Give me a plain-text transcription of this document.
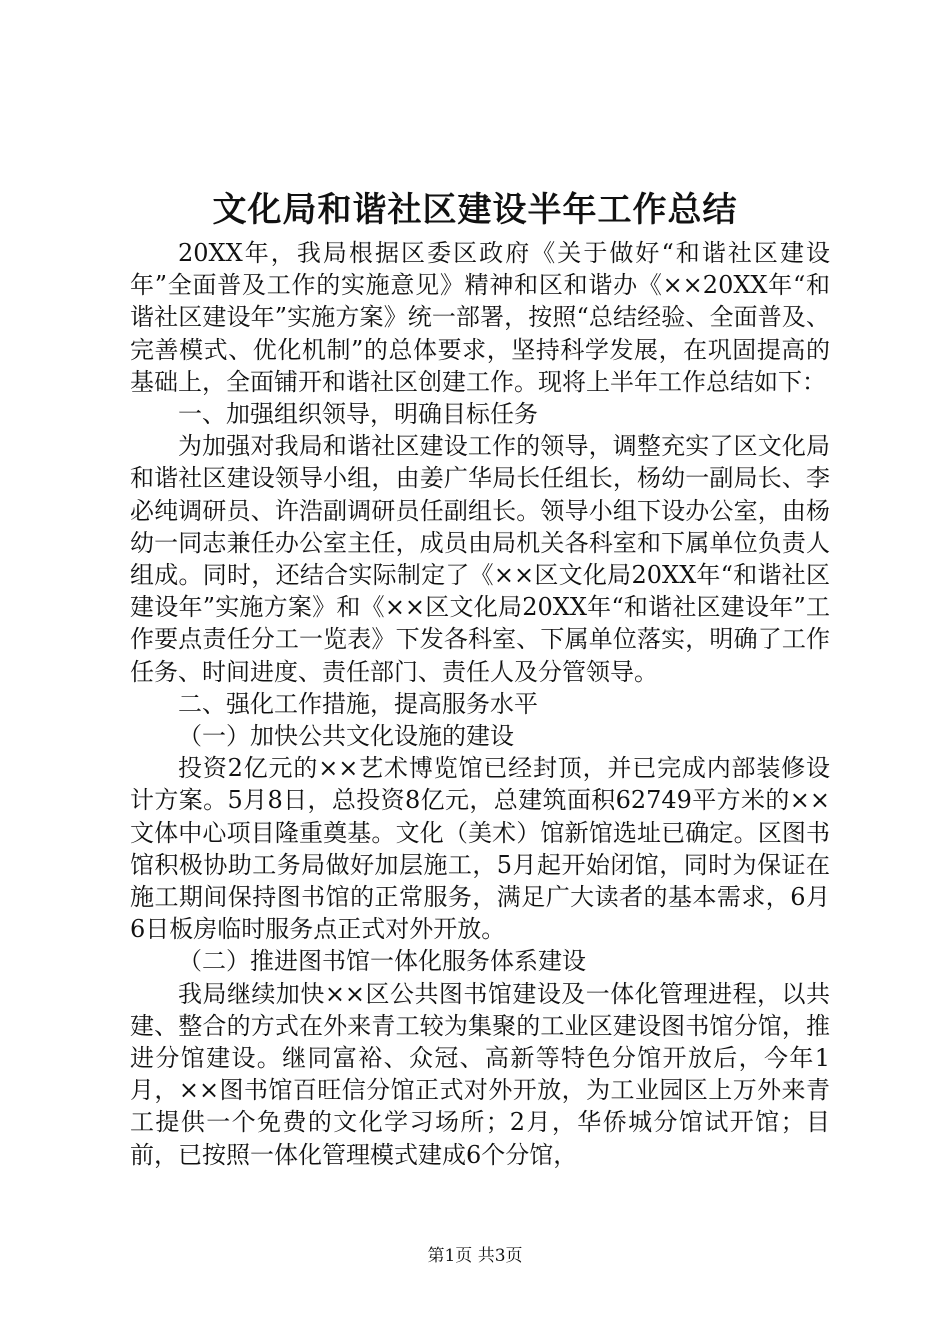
文化局和谐社区建设半年工作总结

20XX年，我局根据区委区政府《关于做好“和谐社区建设年”全面普及工作的实施意见》精神和区和谐办《××20XX年“和谐社区建设年”实施方案》统一部署，按照“总结经验、全面普及、完善模式、优化机制”的总体要求，坚持科学发展，在巩固提高的基础上，全面铺开和谐社区创建工作。现将上半年工作总结如下：

一、加强组织领导，明确目标任务

为加强对我局和谐社区建设工作的领导，调整充实了区文化局和谐社区建设领导小组，由姜广华局长任组长，杨幼一副局长、李必纯调研员、许浩副调研员任副组长。领导小组下设办公室，由杨幼一同志兼任办公室主任，成员由局机关各科室和下属单位负责人组成。同时，还结合实际制定了《××区文化局20XX年“和谐社区建设年”实施方案》和《××区文化局20XX年“和谐社区建设年”工作要点责任分工一览表》下发各科室、下属单位落实，明确了工作任务、时间进度、责任部门、责任人及分管领导。

二、强化工作措施，提高服务水平

（一）加快公共文化设施的建设

投资2亿元的××艺术博览馆已经封顶，并已完成内部装修设计方案。5月8日，总投资8亿元，总建筑面积62749平方米的××文体中心项目隆重奠基。文化（美术）馆新馆选址已确定。区图书馆积极协助工务局做好加层施工，5月起开始闭馆，同时为保证在施工期间保持图书馆的正常服务，满足广大读者的基本需求，6月6日板房临时服务点正式对外开放。

（二）推进图书馆一体化服务体系建设

我局继续加快××区公共图书馆建设及一体化管理进程，以共建、整合的方式在外来青工较为集聚的工业区建设图书馆分馆，推进分馆建设。继同富裕、众冠、高新等特色分馆开放后，今年1月，××图书馆百旺信分馆正式对外开放，为工业园区上万外来青工提供一个免费的文化学习场所；2月，华侨城分馆试开馆；目前，已按照一体化管理模式建成6个分馆，

第1页 共3页
